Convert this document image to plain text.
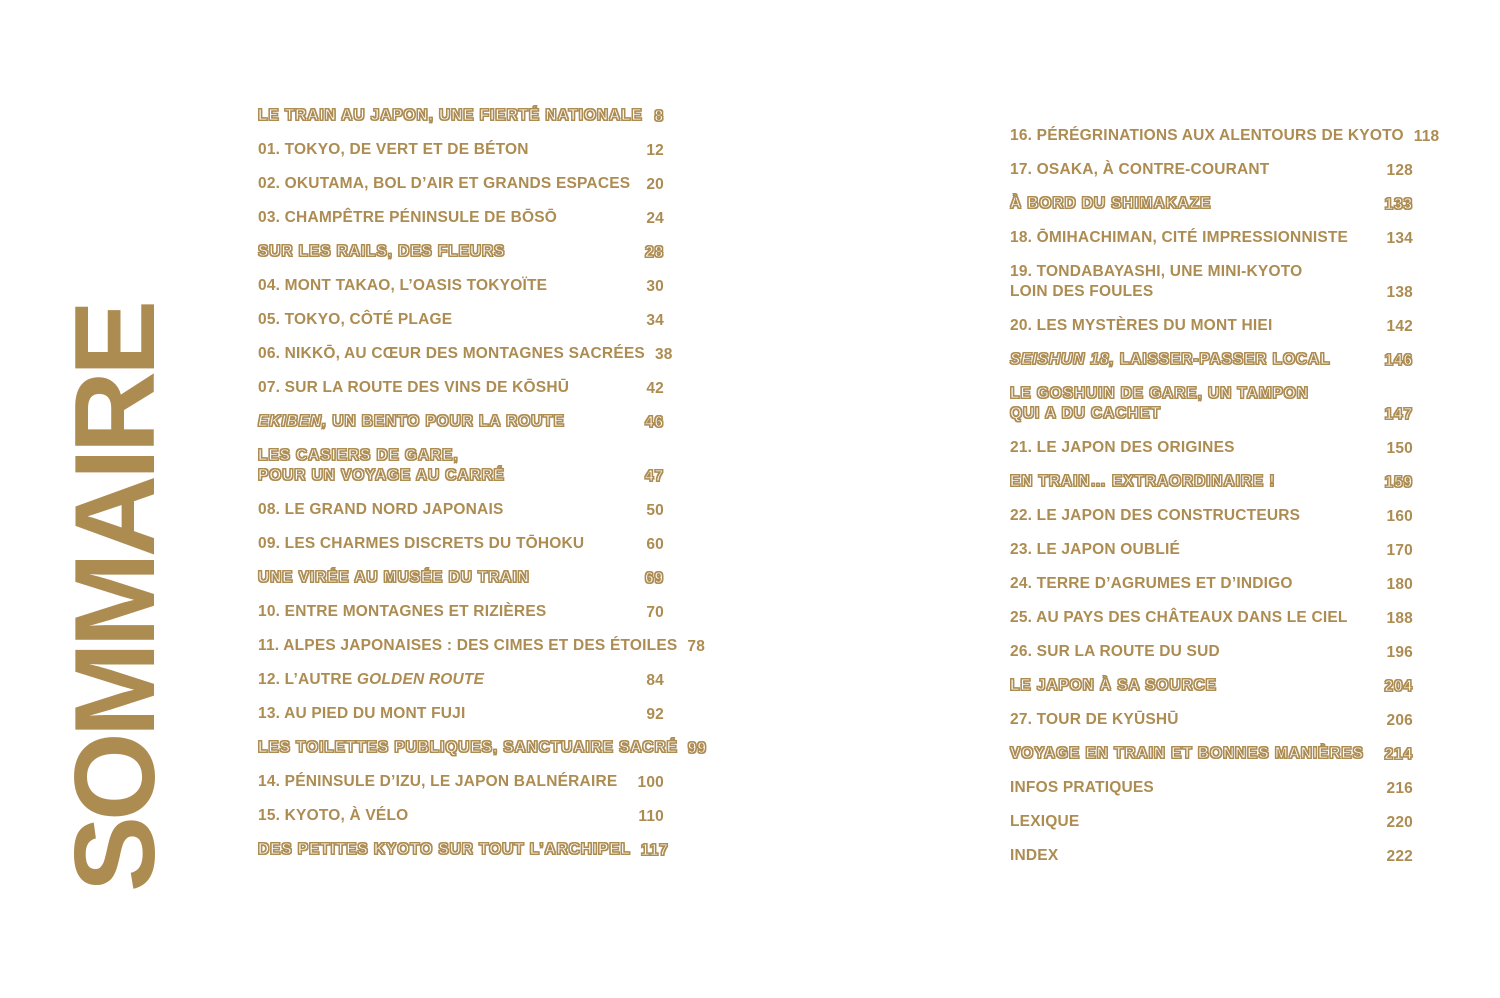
SOMMAIRE
LE TRAIN AU JAPON, UNE FIERTÉ NATIONALE 8
01. TOKYO, DE VERT ET DE BÉTON	12
02. OKUTAMA, BOL D’AIR ET GRANDS ESPACES 20
03. CHAMPÊTRE PÉNINSULE DE BŌSŌ	24
SUR LES RAILS, DES FLEURS	28
04. MONT TAKAO, L’OASIS TOKYOÏTE	30
05. TOKYO, CÔTÉ PLAGE	34
06. NIKKŌ, AU CŒUR DES MONTAGNES SACRÉES 38
07. SUR LA ROUTE DES VINS DE KŌSHŪ	42
EKIBEN, UN BENTO POUR LA ROUTE	46
LES CASIERS DE GARE,
POUR UN VOYAGE AU CARRÉ	47
08. LE GRAND NORD JAPONAIS	50
09. LES CHARMES DISCRETS DU TŌHOKU	60
UNE VIRÉE AU MUSÉE DU TRAIN	69
10. ENTRE MONTAGNES ET RIZIÈRES	70
11. ALPES JAPONAISES : DES CIMES ET DES ÉTOILES 78
12. L’AUTRE GOLDEN ROUTE	84
13. AU PIED DU MONT FUJI	92
LES TOILETTES PUBLIQUES, SANCTUAIRE SACRÉ 99
14. PÉNINSULE D’IZU, LE JAPON BALNÉRAIRE 100
15. KYOTO, À VÉLO	110
DES PETITES KYOTO SUR TOUT L’ARCHIPEL 117
16. PÉRÉGRINATIONS AUX ALENTOURS DE KYOTO 118
17. OSAKA, À CONTRE-COURANT	128
À BORD DU SHIMAKAZE	133
18. ŌMIHACHIMAN, CITÉ IMPRESSIONNISTE 134
19. TONDABAYASHI, UNE MINI-KYOTO
LOIN DES FOULES	138
20. LES MYSTÈRES DU MONT HIEI	142
SEISHUN 18, LAISSER-PASSER LOCAL	146
LE GOSHUIN DE GARE, UN TAMPON
QUI A DU CACHET	147
21. LE JAPON DES ORIGINES	150
EN TRAIN… EXTRAORDINAIRE !	159
22. LE JAPON DES CONSTRUCTEURS	160
23. LE JAPON OUBLIÉ	170
24. TERRE D’AGRUMES ET D’INDIGO	180
25. AU PAYS DES CHÂTEAUX DANS LE CIEL	188
26. SUR LA ROUTE DU SUD	196
LE JAPON À SA SOURCE	204
27. TOUR DE KYŪSHŪ	206
VOYAGE EN TRAIN ET BONNES MANIÈRES 214
INFOS PRATIQUES	216
LEXIQUE	220
INDEX	222
